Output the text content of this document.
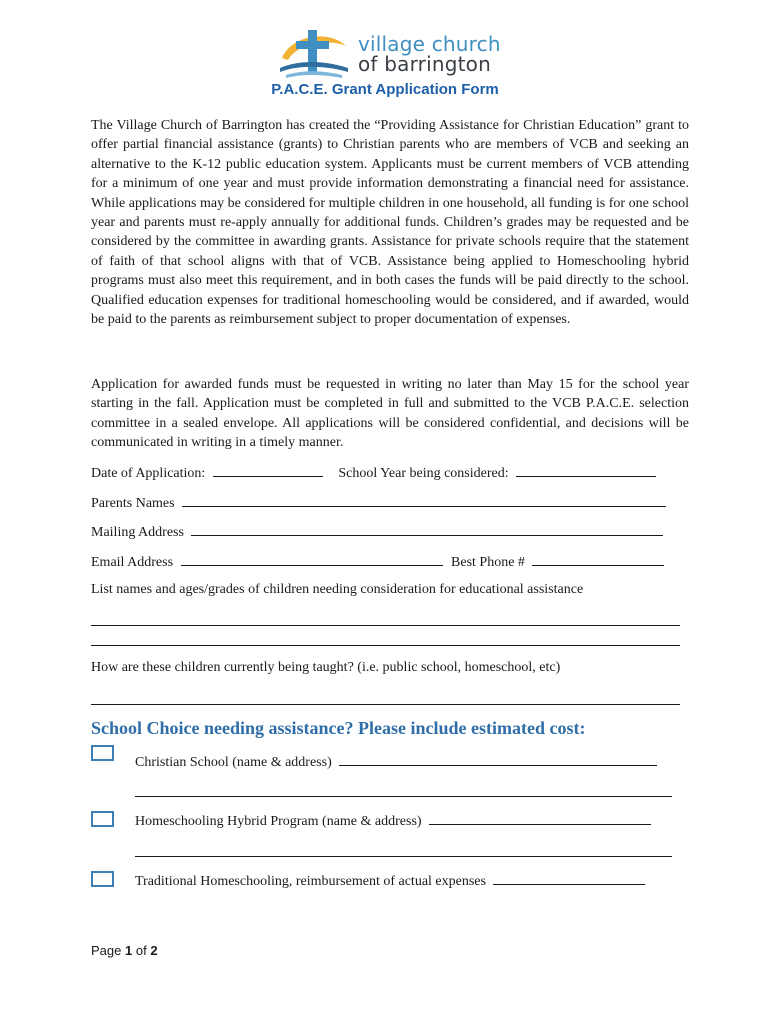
village church
of barrington
P.A.C.E. Grant Application Form

The Village Church of Barrington has created the “Providing Assistance for Christian Education” grant to offer partial financial assistance (grants) to Christian parents who are members of VCB and seeking an alternative to the K-12 public education system. Applicants must be current members of VCB attending for a minimum of one year and must provide information demonstrating a financial need for assistance. While applications may be considered for multiple children in one household, all funding is for one school year and parents must re-apply annually for additional funds. Children’s grades may be requested and be considered by the committee in awarding grants. Assistance for private schools require that the statement of faith of that school aligns with that of VCB. Assistance being applied to Homeschooling hybrid programs must also meet this requirement, and in both cases the funds will be paid directly to the school. Qualified education expenses for traditional homeschooling would be considered, and if awarded, would be paid to the parents as reimbursement subject to proper documentation of expenses.

Application for awarded funds must be requested in writing no later than May 15 for the school year starting in the fall. Application must be completed in full and submitted to the VCB P.A.C.E. selection committee in a sealed envelope. All applications will be considered confidential, and decisions will be communicated in writing in a timely manner.

Date of Application:	School Year being considered:
Parents Names
Mailing Address
Email Address	Best Phone #
List names and ages/grades of children needing consideration for educational assistance
How are these children currently being taught? (i.e. public school, homeschool, etc)
School Choice needing assistance? Please include estimated cost:
Christian School (name & address)
Homeschooling Hybrid Program (name & address)
Traditional Homeschooling, reimbursement of actual expenses
Page 1 of 2
